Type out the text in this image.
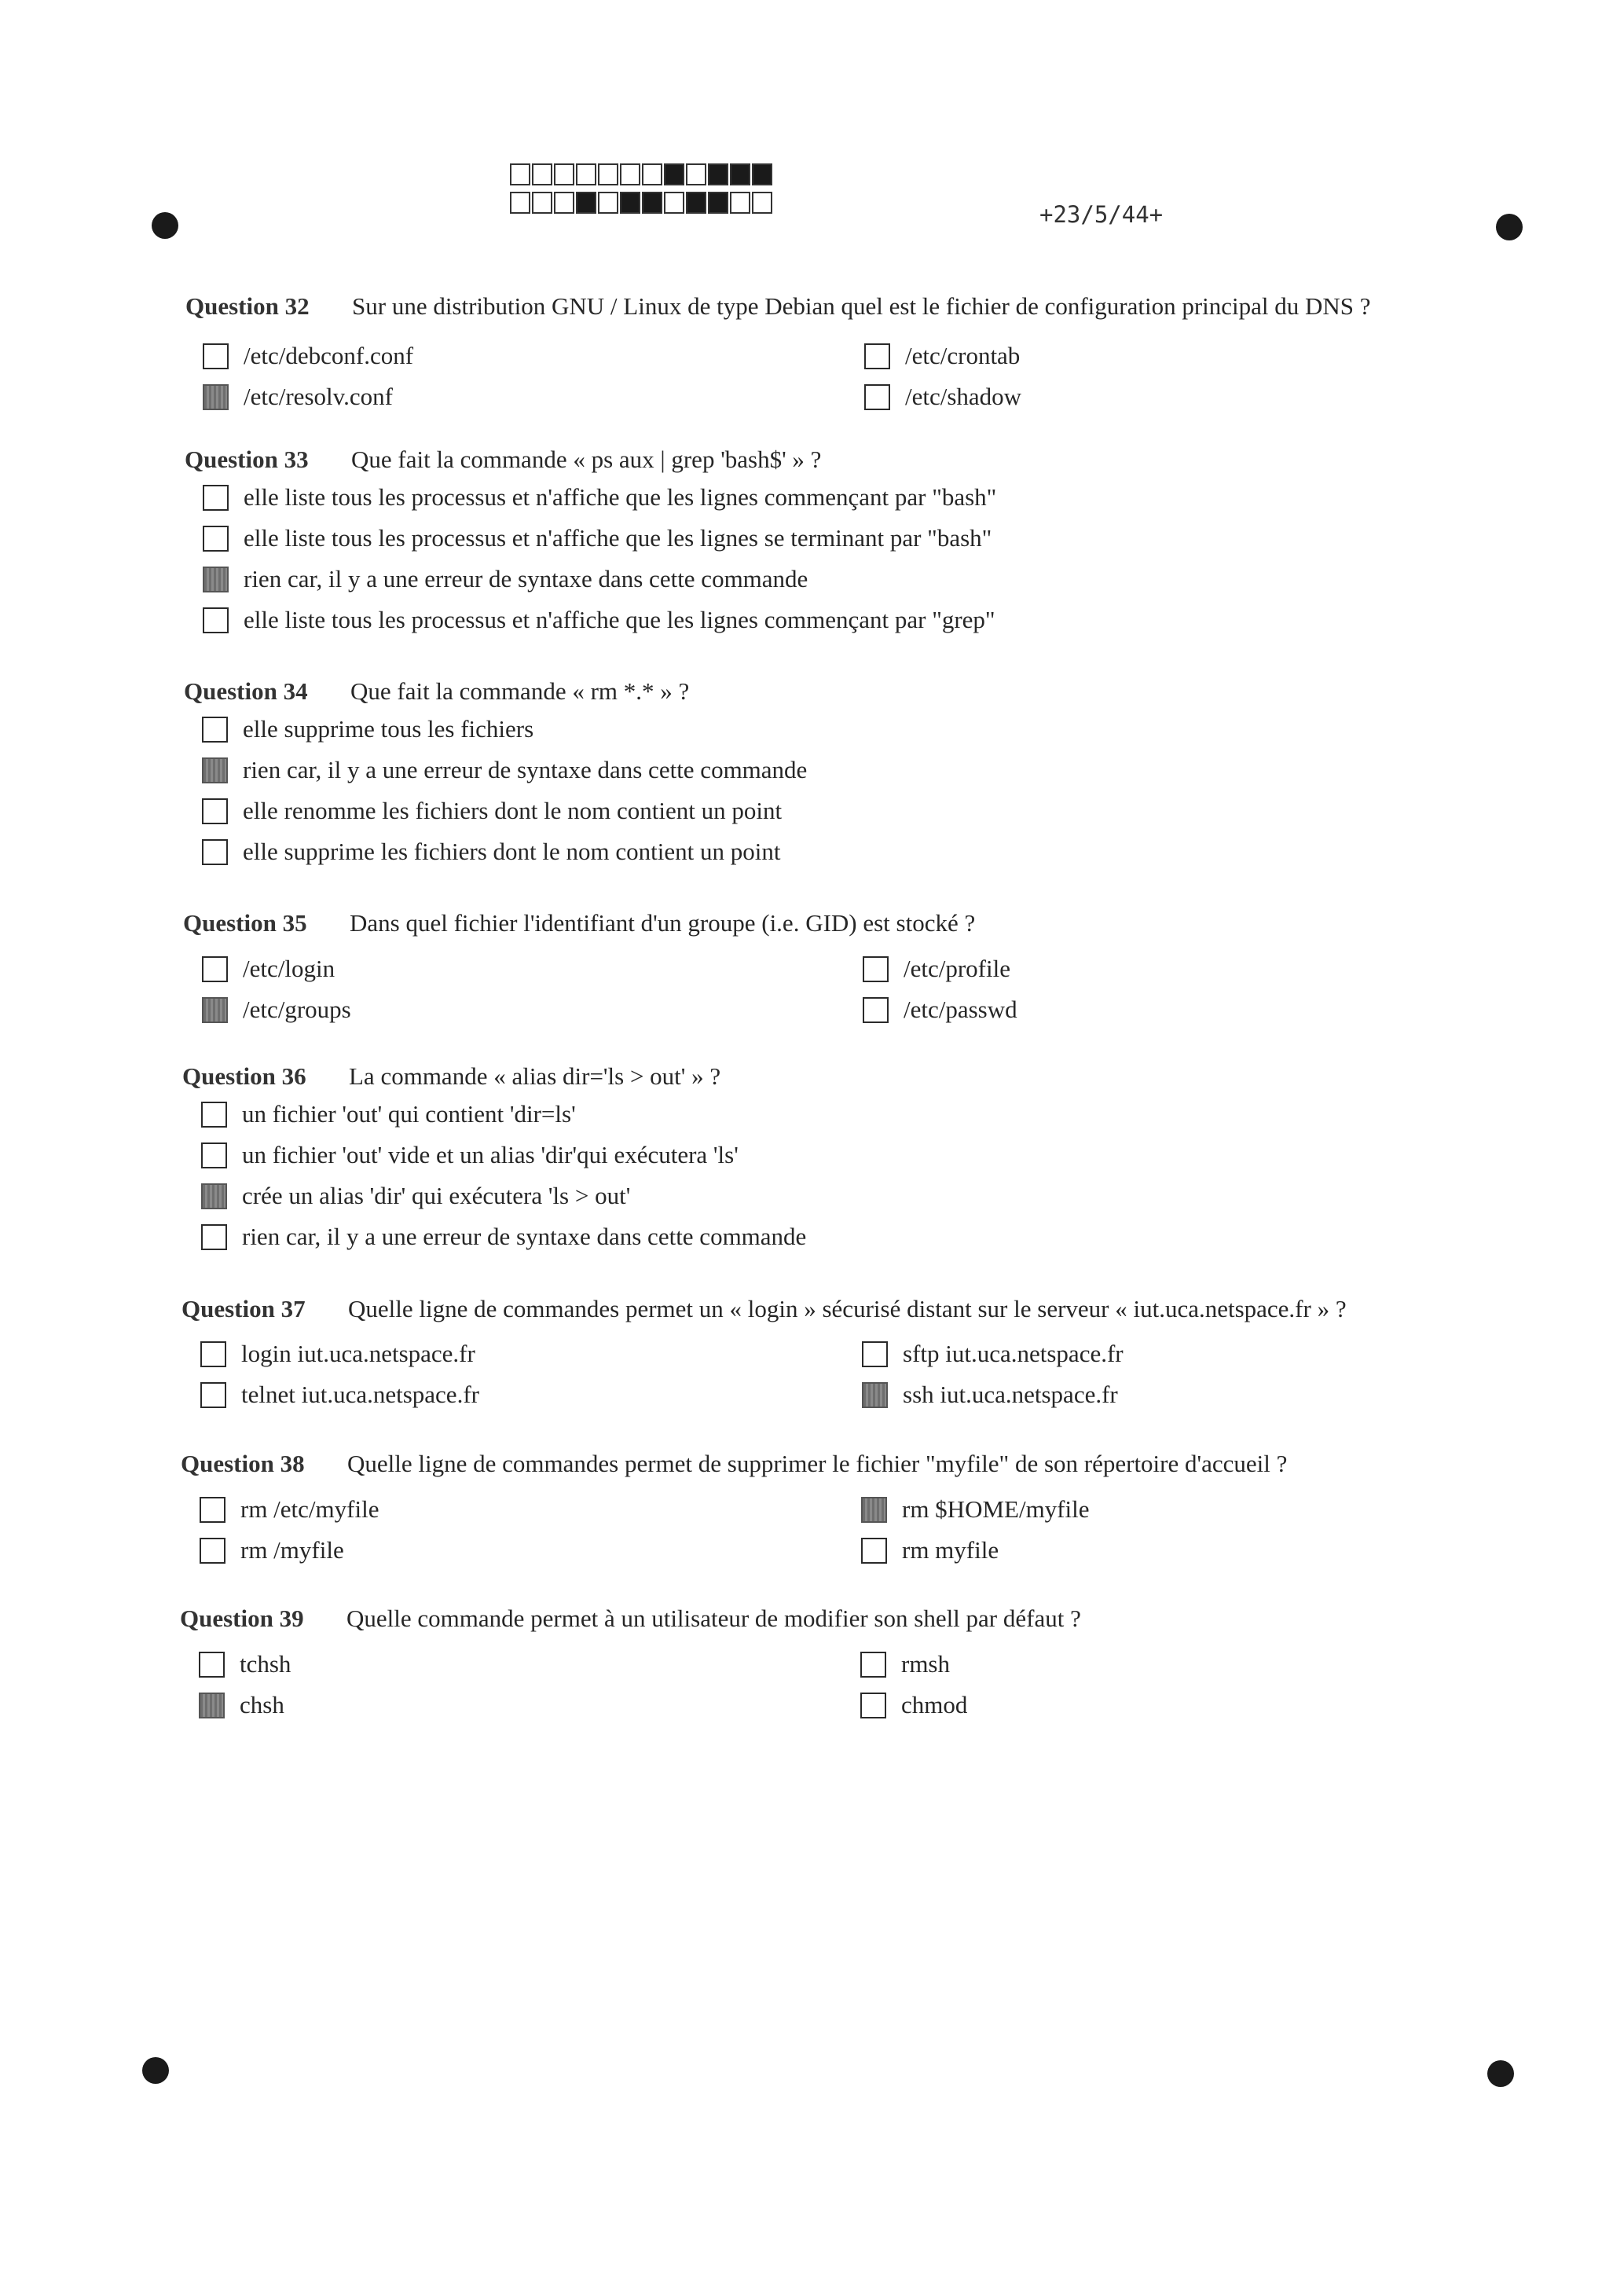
+23/5/44+
Question 32 Sur une distribution GNU / Linux de type Debian quel est le fichier de configuration principal du DNS ?
/etc/debconf.conf	/etc/crontab
/etc/resolv.conf	/etc/shadow
Question 33 Que fait la commande « ps aux | grep 'bash$' » ?
elle liste tous les processus et n'affiche que les lignes commençant par "bash"
elle liste tous les processus et n'affiche que les lignes se terminant par "bash"
rien car, il y a une erreur de syntaxe dans cette commande
elle liste tous les processus et n'affiche que les lignes commençant par "grep"
Question 34 Que fait la commande « rm *.* » ?
elle supprime tous les fichiers
rien car, il y a une erreur de syntaxe dans cette commande
elle renomme les fichiers dont le nom contient un point
elle supprime les fichiers dont le nom contient un point
Question 35 Dans quel fichier l'identifiant d'un groupe (i.e. GID) est stocké ?
/etc/login	/etc/profile
/etc/groups	/etc/passwd
Question 36 La commande « alias dir='ls > out' » ?
un fichier 'out' qui contient 'dir=ls'
un fichier 'out' vide et un alias 'dir'qui exécutera 'ls'
crée un alias 'dir' qui exécutera 'ls > out'
rien car, il y a une erreur de syntaxe dans cette commande
Question 37 Quelle ligne de commandes permet un « login » sécurisé distant sur le serveur « iut.uca.netspace.fr » ?
login iut.uca.netspace.fr	sftp iut.uca.netspace.fr
telnet iut.uca.netspace.fr	ssh iut.uca.netspace.fr
Question 38 Quelle ligne de commandes permet de supprimer le fichier "myfile" de son répertoire d'accueil ?
rm /etc/myfile	rm $HOME/myfile
rm /myfile	rm myfile
Question 39 Quelle commande permet à un utilisateur de modifier son shell par défaut ?
tchsh	rmsh
chsh	chmod
